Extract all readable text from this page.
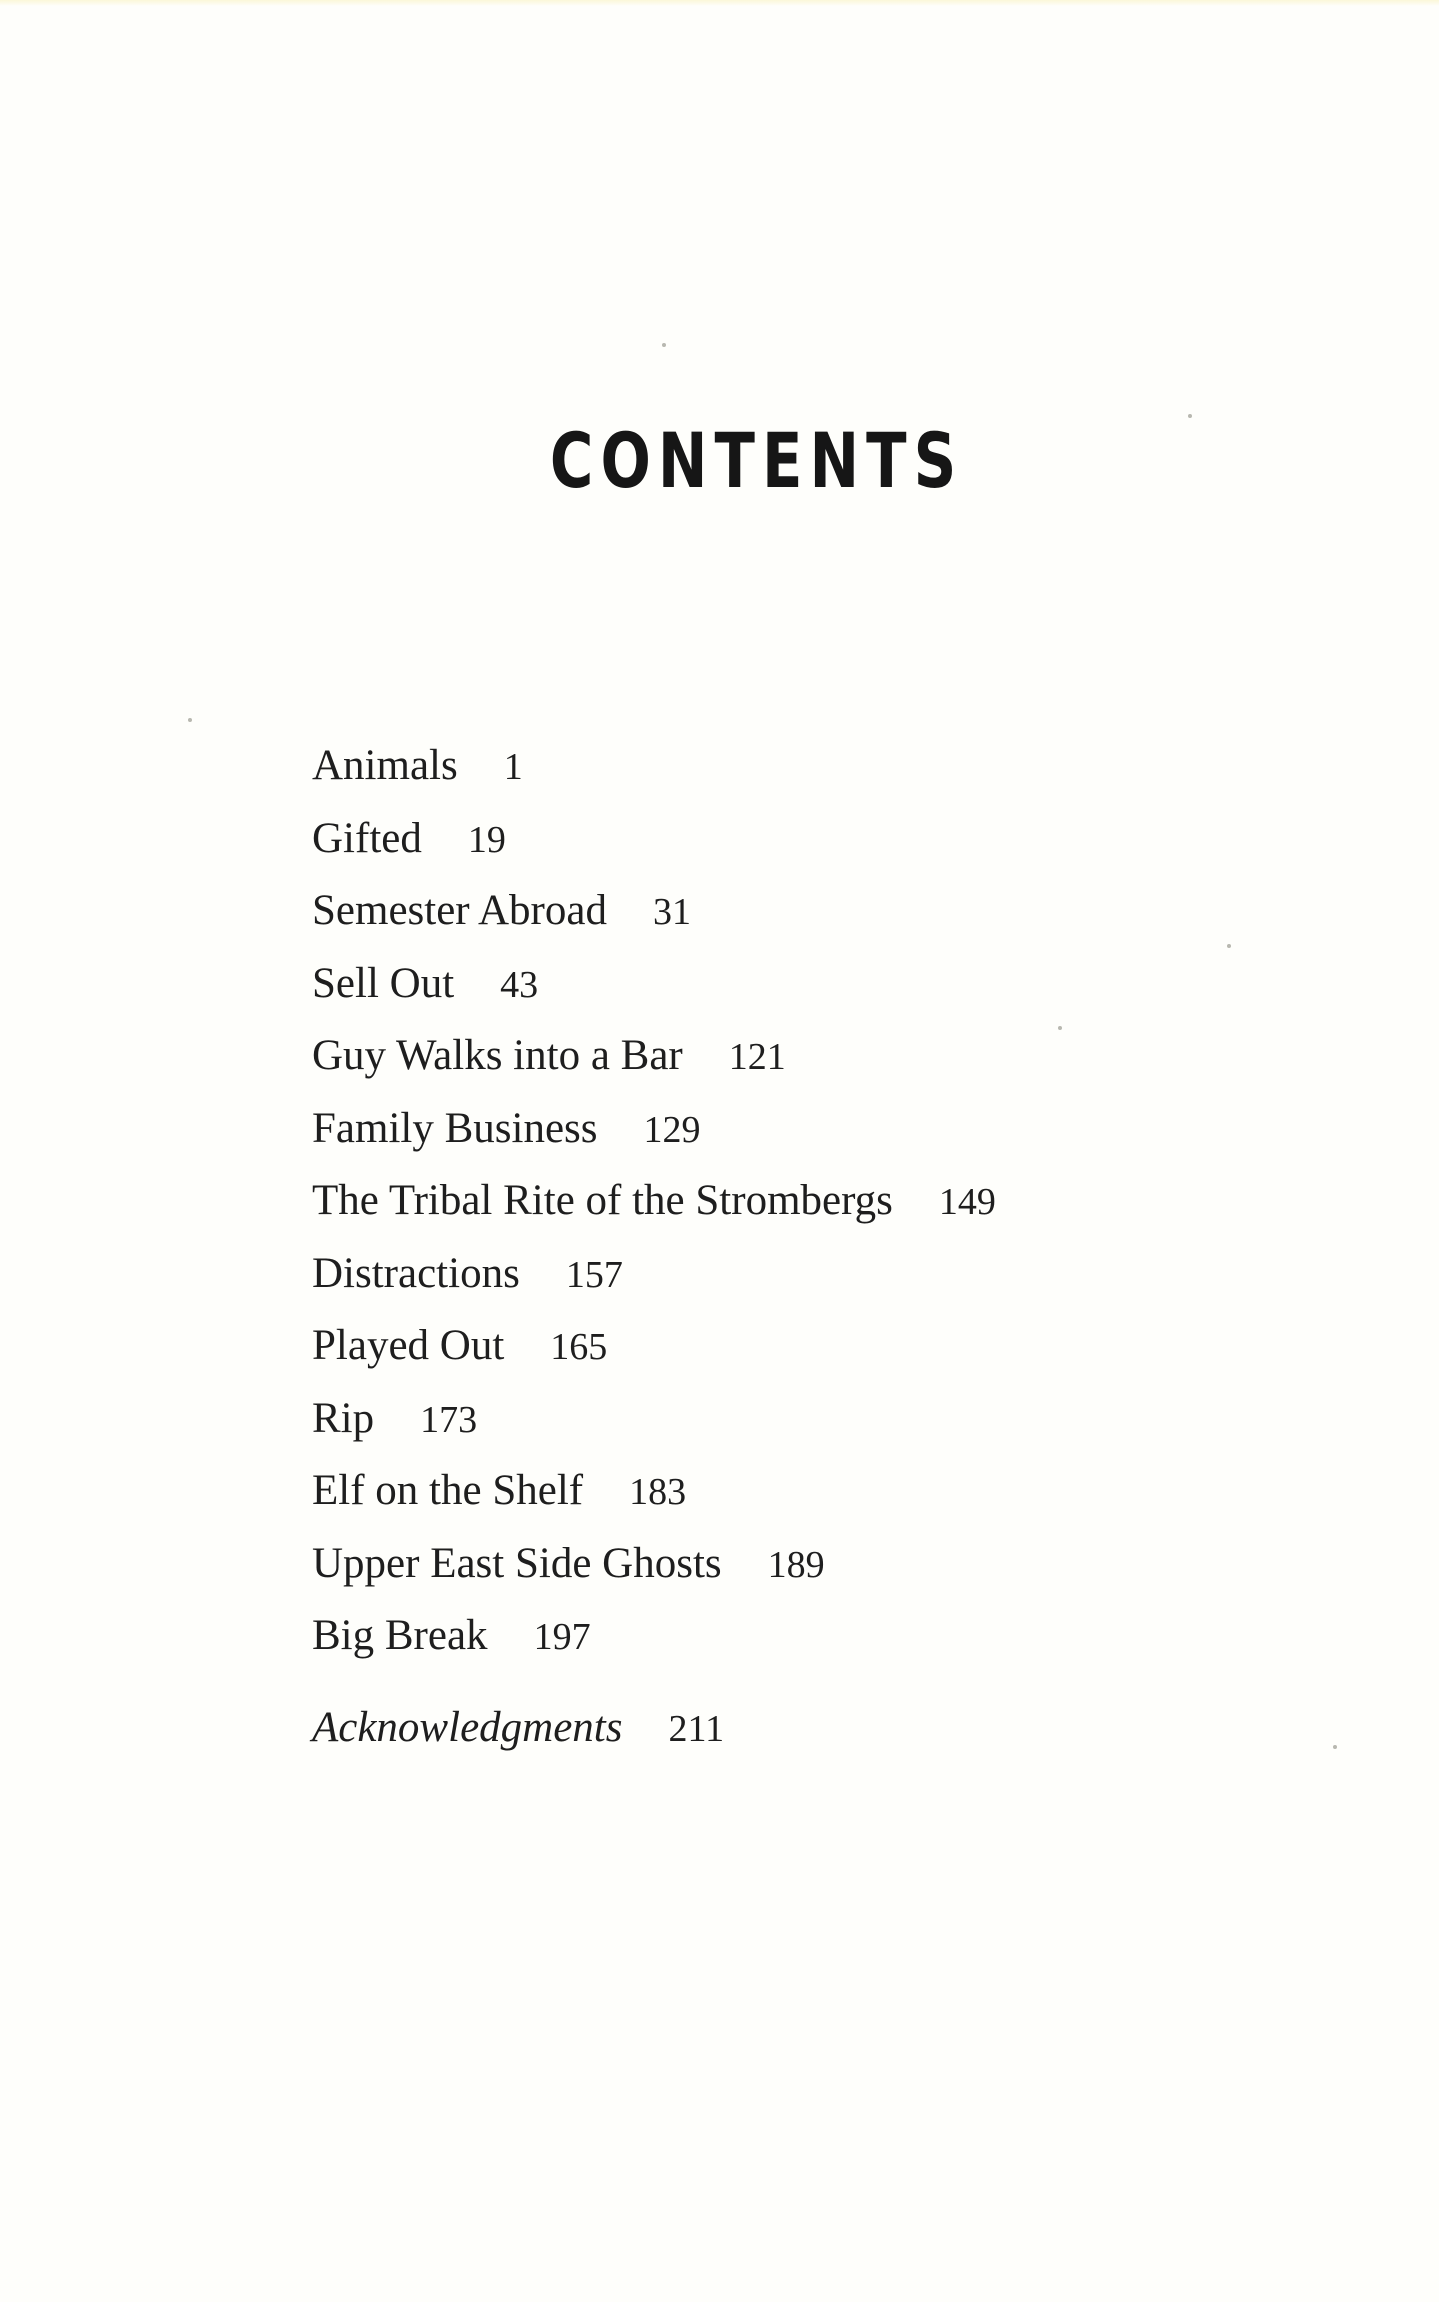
CONTENTS
Animals 1
Gifted 19
Semester Abroad 31
Sell Out 43
Guy Walks into a Bar 121
Family Business 129
The Tribal Rite of the Strombergs 149
Distractions 157
Played Out 165
Rip 173
Elf on the Shelf 183
Upper East Side Ghosts 189
Big Break 197
Acknowledgments 211
